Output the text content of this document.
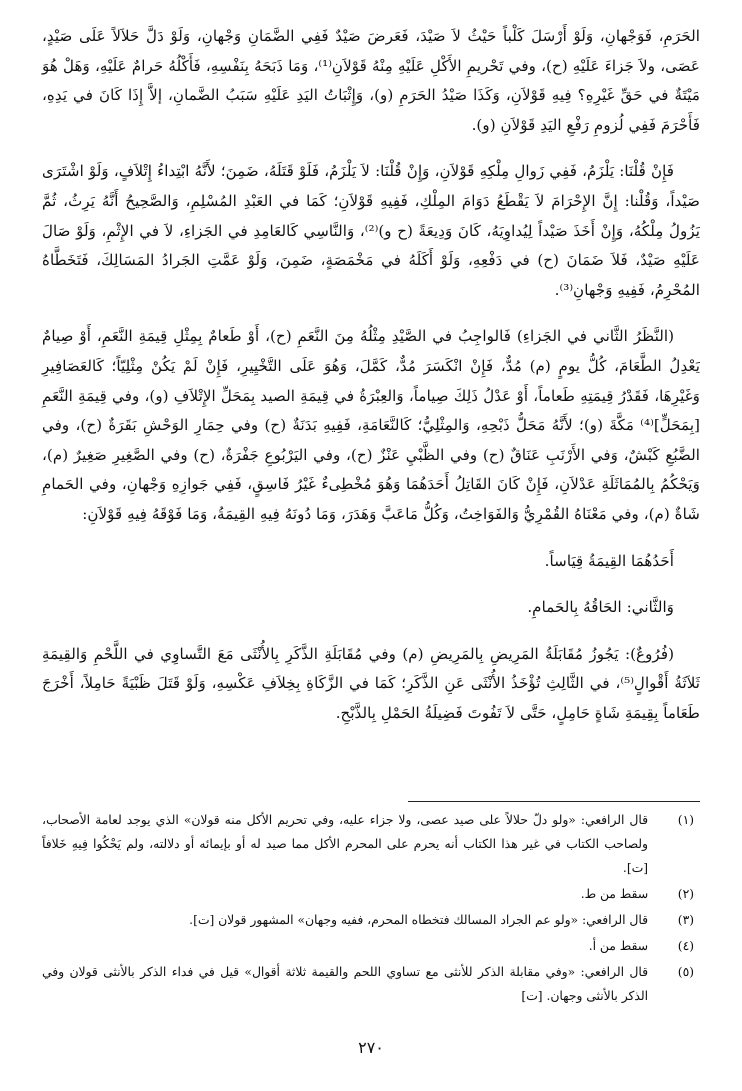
الحَرَمِ، فَوَجْهانِ، وَلَوْ أَرْسَلَ كَلْباً حَيْثُ لاَ صَيْدَ، فَعَرضَ صَيْدٌ فَفِي الضَّمَانِ وَجْهانِ، وَلَوْ دَلَّ حَلاَلاً عَلَى صَيْدٍ، عَصَى، ولاَ جَزاءَ عَلَيْهِ (ح)، وفي تَحْريمِ الأَكْلِ عَلَيْهِ مِنْهُ قَوْلاَنِ⁽¹⁾، وَمَا ذَبَحَهُ بِنَفْسِهِ، فَأَكْلُهُ حَرامٌ عَلَيْهِ، وَهَلْ هُوَ مَيْتَةٌ في حَقِّ غَيْرِهِ؟ فِيهِ قَوْلاَنِ، وَكَذَا صَيْدُ الحَرَمِ (و)، وَإِثْبَاتُ اليَدِ عَلَيْهِ سَبَبُ الضَّمانِ، إلاَّ إِذَا كَانَ في يَدِهِ، فَأَحْرَمَ فَفِي لُزومِ رَفْعِ اليَدِ قَوْلاَنِ (و).

فَإِنْ قُلْنَا: يَلْزَمُ، فَفِي زَوالِ مِلْكِهِ قَوْلاَنِ، وَإِنْ قُلْنَا: لاَ يَلْزَمُ، فَلَوْ قَتَلَهُ، ضَمِنَ؛ لأَنَّهُ ابْتِداءُ إِتْلاَفٍ، وَلَوْ اشْتَرَى صَيْداً، وَقُلْنا: إِنَّ الإِحْرَامَ لاَ يَقْطَعُ دَوَامَ المِلْكِ، فَفِيهِ قَوْلاَنِ؛ كَمَا في العَبْدِ المُسْلِمِ، وَالصَّحِيحُ أَنَّهُ يَرِثُ، ثُمَّ يَزُولُ مِلْكُهُ، وَإِنْ أَخَذَ صَيْداً لِيُداوِيَهُ، كَانَ وَدِيعَةً (ح و)⁽²⁾، وَالنَّاسِي كَالعَامِدِ في الجَزاءِ، لاَ في الإِثْمِ، وَلَوْ صَالَ عَلَيْهِ صَيْدٌ، فَلاَ ضَمَانَ (ح) في دَفْعِهِ، وَلَوْ أَكَلَهُ في مَخْمَصَةٍ، ضَمِنَ، وَلَوْ عَمَّتِ الجَرادُ المَسَالِكَ، فَتَخَطَّاهُ المُحْرِمُ، فَفِيهِ وَجْهانِ⁽³⁾.

(النَّظَرُ الثَّاني في الجَزاءِ) فَالواجِبُ في الصَّيْدِ مِثْلُهُ مِنَ النَّعَمِ (ح)، أَوْ طَعامٌ بِمِثْلِ قِيمَةِ النَّعَمِ، أَوْ صِيامٌ يَعْدِلُ الطَّعَامَ، كُلُّ يومٍ (م) مُدٌّ، فَإِنْ انْكَسَرَ مُدٌّ، كَمَّلَ، وَهُوَ عَلَى التَّخْيِيرِ، فَإِنْ لَمْ يَكُنْ مِثْلِيّاً؛ كَالعَصَافِيرِ وَغَيْرِهَا، فَقَدْرُ قِيمَتِهِ طَعاماً، أَوْ عَدْلُ ذَلِكَ صِياماً، وَالعِبْرَةُ في قِيمَةِ الصيد بِمَحَلِّ الإِتْلاَفِ (و)، وفي قِيمَةِ النَّعَمِ [بِمَحَلٍّ]⁽⁴⁾ مَكَّةَ (و)؛ لأَنَّهُ مَحَلُّ ذَبْحِهِ، وَالمِثْلِيُّ؛ كَالنَّعَامَةِ، فَفِيهِ بَدَنَةٌ (ح) وفي حِمَارِ الوَحْشِ بَقَرَةٌ (ح)، وفي الضَّبُعِ كَبْشٌ، وَفي الأَرْنَبِ عَنَاقٌ (ح) وفي الظَّبْيِ عَنْزٌ (ح)، وفي اليَرْبُوعِ جَفْرَةٌ، (ح) وفي الصَّغِيرِ صَغِيرٌ (م)، وَيَحْكُمُ بِالمُمَاثَلَةِ عَدْلاَنِ، فَإِنْ كَانَ القَاتِلُ أَحَدَهُمَا وَهُوَ مُخْطِىءٌ غَيْرُ فَاسِقٍ، فَفِي جَوازِهِ وَجْهانِ، وفي الحَمامِ شَاةٌ (م)، وفي مَعْنَاهُ القُمْرِيُّ وَالفَوَاخِتُ، وَكُلُّ مَاعَبَّ وَهَدَرَ، وَمَا دُونَهُ فِيهِ القِيمَةُ، وَمَا فَوْقَهُ فِيهِ قَوْلاَنِ:

أَحَدُهُمَا القِيمَةُ قِيَاساً.

وَالثَّاني: الحَاقُهُ بِالحَمامِ.

(فُرُوعٌ): يَجُوزُ مُقَابَلَةُ المَرِيضِ بِالمَرِيضِ (م) وفي مُقَابَلَةِ الذَّكَرِ بِالأُنْثَى مَعَ التَّساوِي في اللَّحْمِ وَالقِيمَةِ ثَلاَثَةُ أَقْوالٍ⁽⁵⁾، في الثَّالِثِ تُؤْخَذُ الأُنْثَى عَنِ الذَّكَرِ؛ كَمَا في الزَّكَاةِ بِخِلاَفِ عَكْسِهِ، وَلَوْ قَتَلَ ظَبْيَةً حَامِلاً، أَخْرَجَ طَعَاماً بِقِيمَةِ شَاةٍ حَامِلٍ، حَتَّى لاَ تَفُوتَ فَضِيلَةُ الحَمْلِ بِالذَّبْحِ.

(١)
قال الرافعي: «ولو دلّ حلالاً على صيد عصى، ولا جزاء عليه، وفي تحريم الأكل منه قولان» الذي يوجد لعامة الأصحاب، ولصاحب الكتاب في غير هذا الكتاب أنه يحرم على المحرم الأكل مما صيد له أو بإيمائه أو دلالته، ولم يَحْكُوا فِيهِ خَلافاً [ت].
(٢)
سقط من ط.
(٣)
قال الرافعي: «ولو عم الجراد المسالك فتخطاه المحرم، ففيه وجهان» المشهور قولان [ت].
(٤)
سقط من أ.
(٥)
قال الرافعي: «وفي مقابلة الذكر للأنثى مع تساوي اللحم والقيمة ثلاثة أقوال» قيل في فداء الذكر بالأنثى قولان وفي الذكر بالأنثى وجهان. [ت]
٢٧٠
